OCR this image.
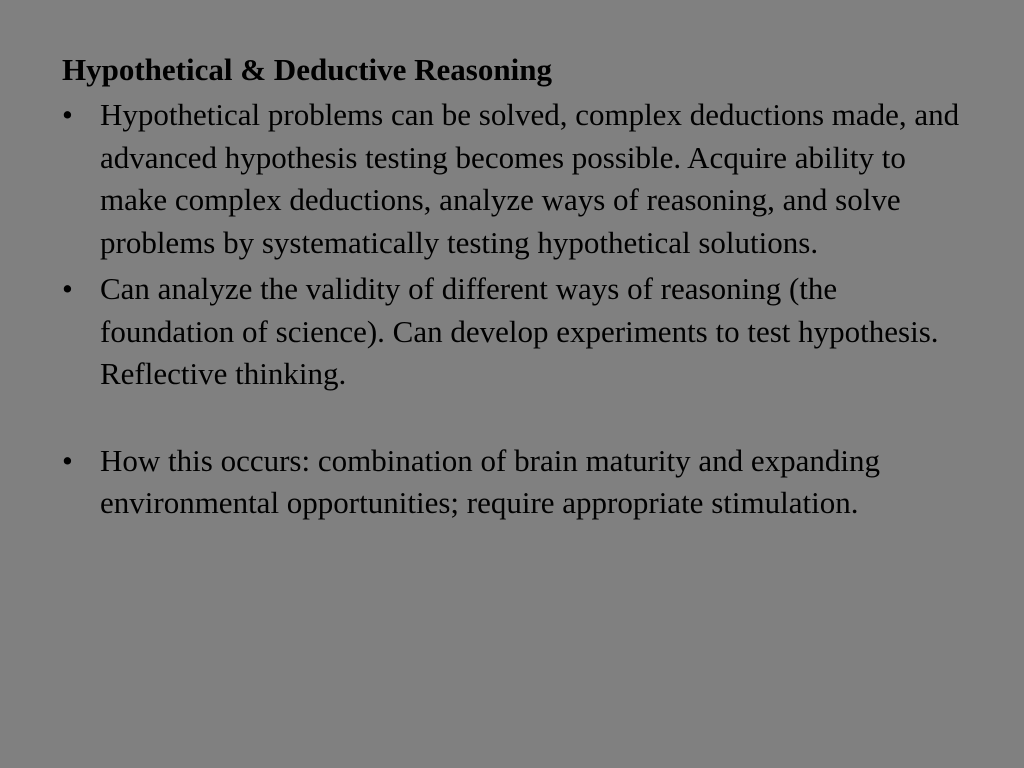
Hypothetical & Deductive Reasoning
• Hypothetical problems can be solved, complex deductions made, and advanced hypothesis testing becomes possible. Acquire ability to make complex deductions, analyze ways of reasoning, and solve problems by systematically testing hypothetical solutions.
• Can analyze the validity of different ways of reasoning (the foundation of science). Can develop experiments to test hypothesis. Reflective thinking.
• How this occurs: combination of brain maturity and expanding environmental opportunities; require appropriate stimulation.
